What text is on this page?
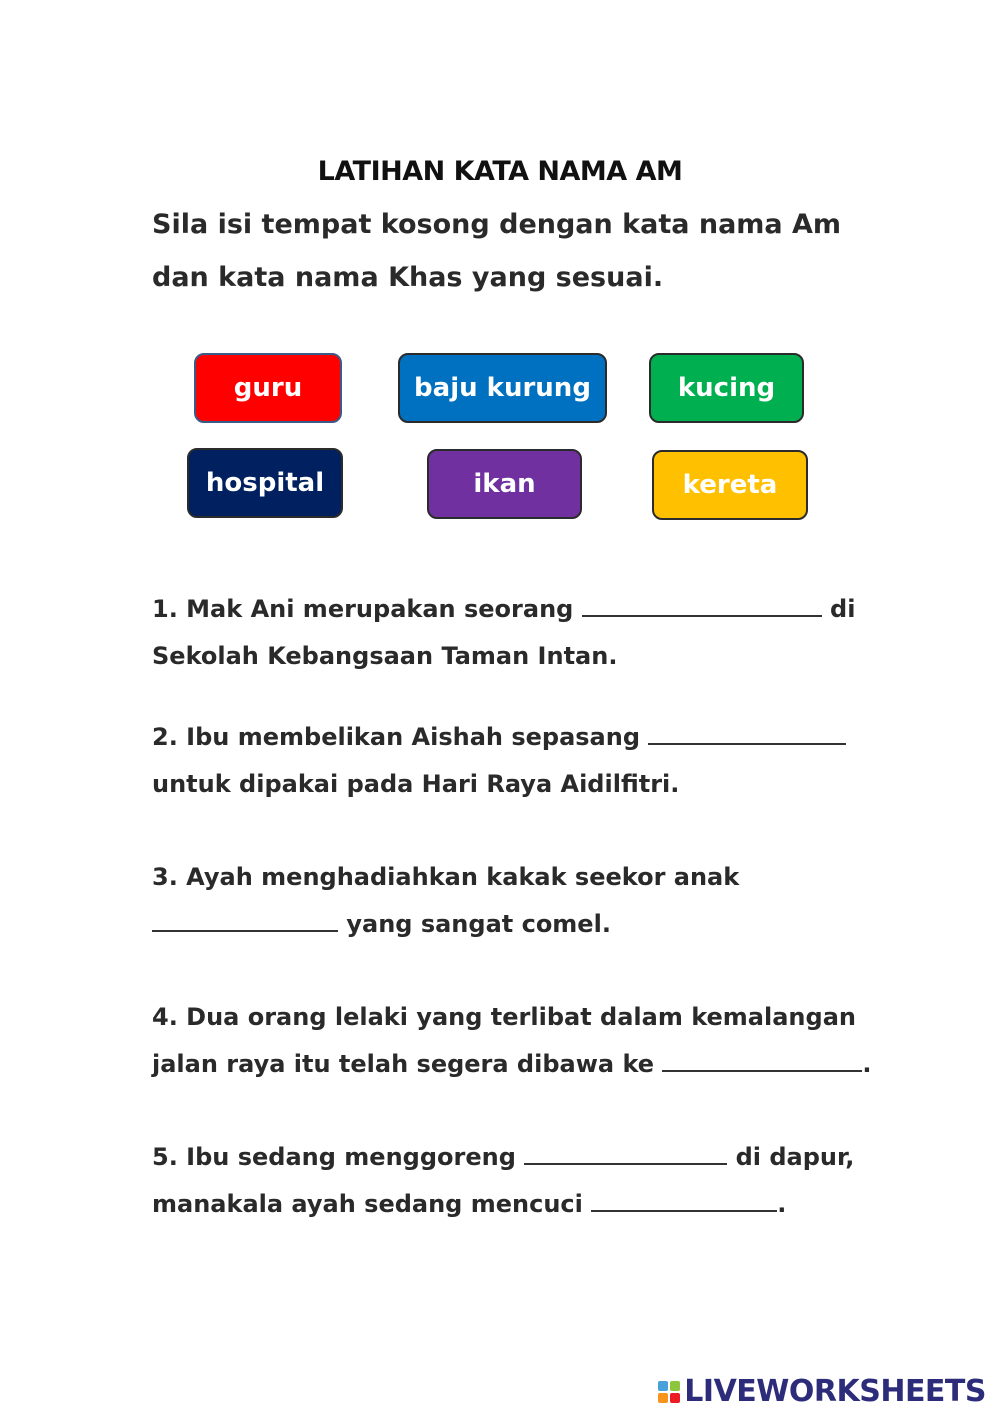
LATIHAN KATA NAMA AM
Sila isi tempat kosong dengan kata nama Am
dan kata nama Khas yang sesuai.
guru	baju kurung	kucing
hospital	ikan	kereta
1. Mak Ani merupakan seorang	di
Sekolah Kebangsaan Taman Intan.
2. Ibu membelikan Aishah sepasang
untuk dipakai pada Hari Raya Aidilfitri.
3. Ayah menghadiahkan kakak seekor anak
yang sangat comel.
4. Dua orang lelaki yang terlibat dalam kemalangan
jalan raya itu telah segera dibawa ke	.
5. Ibu sedang menggoreng	di dapur,
manakala ayah sedang mencuci	.
LIVEWORKSHEETS
